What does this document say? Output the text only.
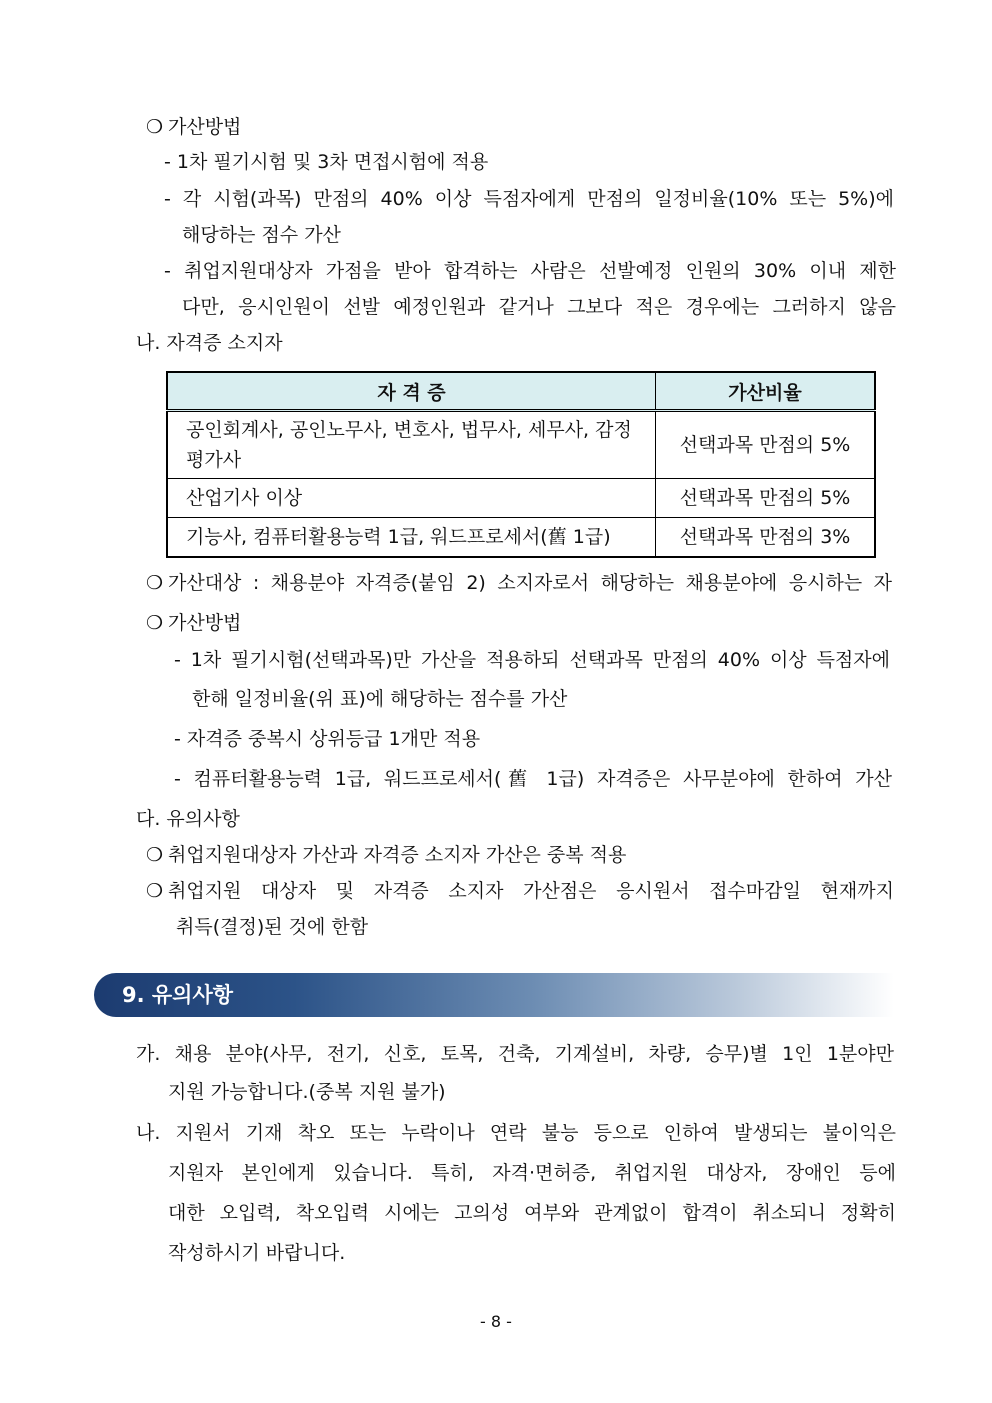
❍ 가산방법
- 1차 필기시험 및 3차 면접시험에 적용
- 각 시험(과목) 만점의 40% 이상 득점자에게 만점의 일정비율(10% 또는 5%)에
해당하는 점수 가산
- 취업지원대상자 가점을 받아 합격하는 사람은 선발예정 인원의 30% 이내 제한
다만, 응시인원이 선발 예정인원과 같거나 그보다 적은 경우에는 그러하지 않음
나. 자격증 소지자
자 격 증	가산비율
공인회계사, 공인노무사, 변호사, 법무사, 세무사, 감정평가사	선택과목 만점의 5%
산업기사 이상	선택과목 만점의 5%
기능사, 컴퓨터활용능력 1급, 워드프로세서(舊 1급)	선택과목 만점의 3%
❍ 가산대상 : 채용분야 자격증(붙임 2) 소지자로서 해당하는 채용분야에 응시하는 자
❍ 가산방법
- 1차 필기시험(선택과목)만 가산을 적용하되 선택과목 만점의 40% 이상 득점자에
한해 일정비율(위 표)에 해당하는 점수를 가산
- 자격증 중복시 상위등급 1개만 적용
- 컴퓨터활용능력 1급, 워드프로세서(舊 1급) 자격증은 사무분야에 한하여 가산
다. 유의사항
❍ 취업지원대상자 가산과 자격증 소지자 가산은 중복 적용
❍ 취업지원 대상자 및 자격증 소지자 가산점은 응시원서 접수마감일 현재까지
취득(결정)된 것에 한함
9. 유의사항
가. 채용 분야(사무, 전기, 신호, 토목, 건축, 기계설비, 차량, 승무)별 1인 1분야만
지원 가능합니다.(중복 지원 불가)
나. 지원서 기재 착오 또는 누락이나 연락 불능 등으로 인하여 발생되는 불이익은
지원자 본인에게 있습니다. 특히, 자격·면허증, 취업지원 대상자, 장애인 등에
대한 오입력, 착오입력 시에는 고의성 여부와 관계없이 합격이 취소되니 정확히
작성하시기 바랍니다.
- 8 -
